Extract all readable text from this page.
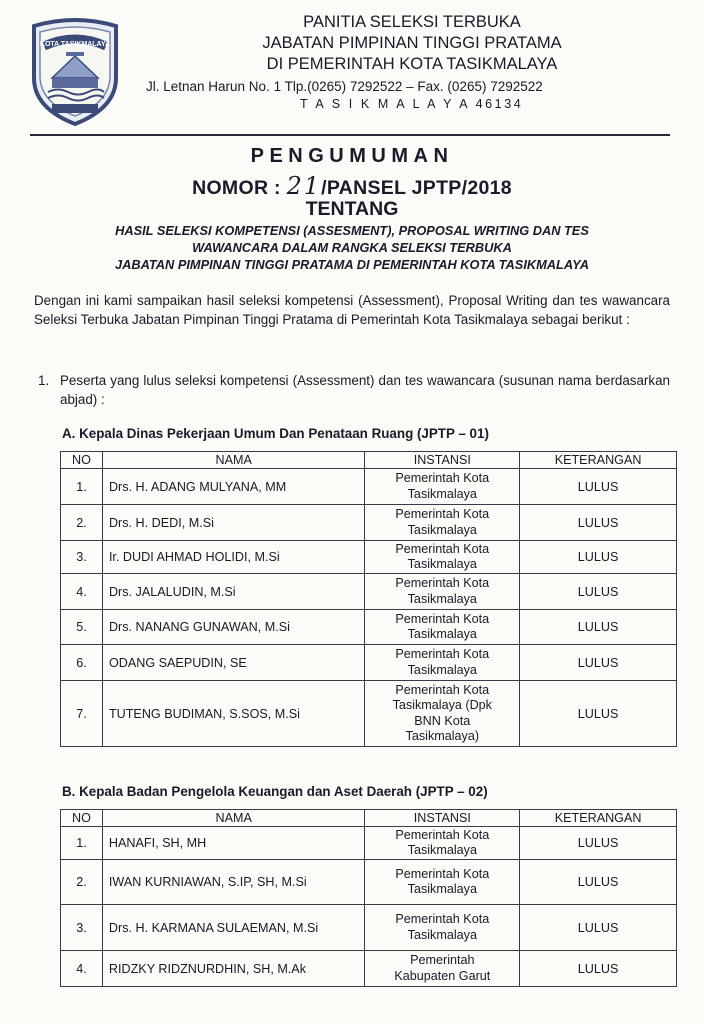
KOTA TASIKMALAYA
PANITIA SELEKSI TERBUKA
JABATAN PIMPINAN TINGGI PRATAMA
DI PEMERINTAH KOTA TASIKMALAYA
Jl. Letnan Harun No. 1 Tlp.(0265) 7292522 – Fax. (0265) 7292522
T A S I K M A L A Y A 46134
PENGUMUMAN
NOMOR : 21/PANSEL JPTP/2018
TENTANG
HASIL SELEKSI KOMPETENSI (ASSESMENT), PROPOSAL WRITING DAN TES
WAWANCARA DALAM RANGKA SELEKSI TERBUKA
JABATAN PIMPINAN TINGGI PRATAMA DI PEMERINTAH KOTA TASIKMALAYA
Dengan ini kami sampaikan hasil seleksi kompetensi (Assessment), Proposal Writing dan tes wawancara Seleksi Terbuka Jabatan Pimpinan Tinggi Pratama di Pemerintah Kota Tasikmalaya sebagai berikut :
1. Peserta yang lulus seleksi kompetensi (Assessment) dan tes wawancara (susunan nama berdasarkan abjad) :
A. Kepala Dinas Pekerjaan Umum Dan Penataan Ruang (JPTP – 01)
NO	NAMA	INSTANSI	KETERANGAN
1.	Drs. H. ADANG MULYANA, MM	Pemerintah Kota
Tasikmalaya	LULUS
2.	Drs. H. DEDI, M.Si	Pemerintah Kota
Tasikmalaya	LULUS
3.	Ir. DUDI AHMAD HOLIDI, M.Si	Pemerintah Kota
Tasikmalaya	LULUS
4.	Drs. JALALUDIN, M.Si	Pemerintah Kota
Tasikmalaya	LULUS
5.	Drs. NANANG GUNAWAN, M.Si	Pemerintah Kota
Tasikmalaya	LULUS
6.	ODANG SAEPUDIN, SE	Pemerintah Kota
Tasikmalaya	LULUS
7.	TUTENG BUDIMAN, S.SOS, M.Si	Pemerintah Kota
Tasikmalaya (Dpk
BNN Kota
Tasikmalaya)	LULUS
B. Kepala Badan Pengelola Keuangan dan Aset Daerah (JPTP – 02)
NO	NAMA	INSTANSI	KETERANGAN
1.	HANAFI, SH, MH	Pemerintah Kota
Tasikmalaya	LULUS
2.	IWAN KURNIAWAN, S.IP, SH, M.Si	Pemerintah Kota
Tasikmalaya	LULUS
3.	Drs. H. KARMANA SULAEMAN, M.Si	Pemerintah Kota
Tasikmalaya	LULUS
4.	RIDZKY RIDZNURDHIN, SH, M.Ak	Pemerintah
Kabupaten Garut	LULUS
